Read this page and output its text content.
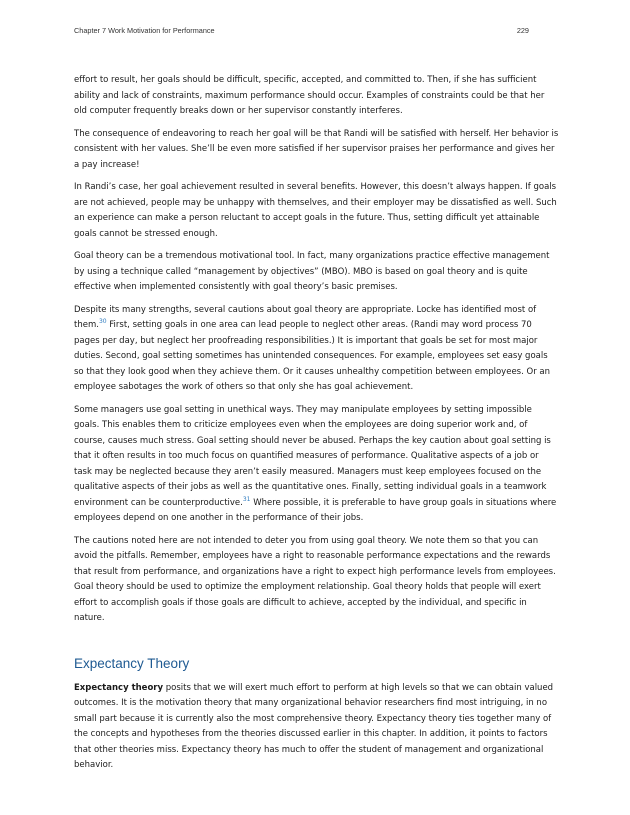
Chapter 7 Work Motivation for Performance	229

effort to result, her goals should be difficult, specific, accepted, and committed to. Then, if she has sufficient ability and lack of constraints, maximum performance should occur. Examples of constraints could be that her old computer frequently breaks down or her supervisor constantly interferes.

The consequence of endeavoring to reach her goal will be that Randi will be satisfied with herself. Her behavior is consistent with her values. She’ll be even more satisfied if her supervisor praises her performance and gives her a pay increase!

In Randi’s case, her goal achievement resulted in several benefits. However, this doesn’t always happen. If goals are not achieved, people may be unhappy with themselves, and their employer may be dissatisfied as well. Such an experience can make a person reluctant to accept goals in the future. Thus, setting difficult yet attainable goals cannot be stressed enough.

Goal theory can be a tremendous motivational tool. In fact, many organizations practice effective management by using a technique called “management by objectives” (MBO). MBO is based on goal theory and is quite effective when implemented consistently with goal theory’s basic premises.

Despite its many strengths, several cautions about goal theory are appropriate. Locke has identified most of them.$^{30}$ First, setting goals in one area can lead people to neglect other areas. (Randi may word process 70 pages per day, but neglect her proofreading responsibilities.) It is important that goals be set for most major duties. Second, goal setting sometimes has unintended consequences. For example, employees set easy goals so that they look good when they achieve them. Or it causes unhealthy competition between employees. Or an employee sabotages the work of others so that only she has goal achievement.

Some managers use goal setting in unethical ways. They may manipulate employees by setting impossible goals. This enables them to criticize employees even when the employees are doing superior work and, of course, causes much stress. Goal setting should never be abused. Perhaps the key caution about goal setting is that it often results in too much focus on quantified measures of performance. Qualitative aspects of a job or task may be neglected because they aren’t easily measured. Managers must keep employees focused on the qualitative aspects of their jobs as well as the quantitative ones. Finally, setting individual goals in a teamwork environment can be counterproductive.$^{31}$ Where possible, it is preferable to have group goals in situations where employees depend on one another in the performance of their jobs.

The cautions noted here are not intended to deter you from using goal theory. We note them so that you can avoid the pitfalls. Remember, employees have a right to reasonable performance expectations and the rewards that result from performance, and organizations have a right to expect high performance levels from employees. Goal theory should be used to optimize the employment relationship. Goal theory holds that people will exert effort to accomplish goals if those goals are difficult to achieve, accepted by the individual, and specific in nature.

Expectancy Theory

Expectancy theory posits that we will exert much effort to perform at high levels so that we can obtain valued outcomes. It is the motivation theory that many organizational behavior researchers find most intriguing, in no small part because it is currently also the most comprehensive theory. Expectancy theory ties together many of the concepts and hypotheses from the theories discussed earlier in this chapter. In addition, it points to factors that other theories miss. Expectancy theory has much to offer the student of management and organizational behavior.
